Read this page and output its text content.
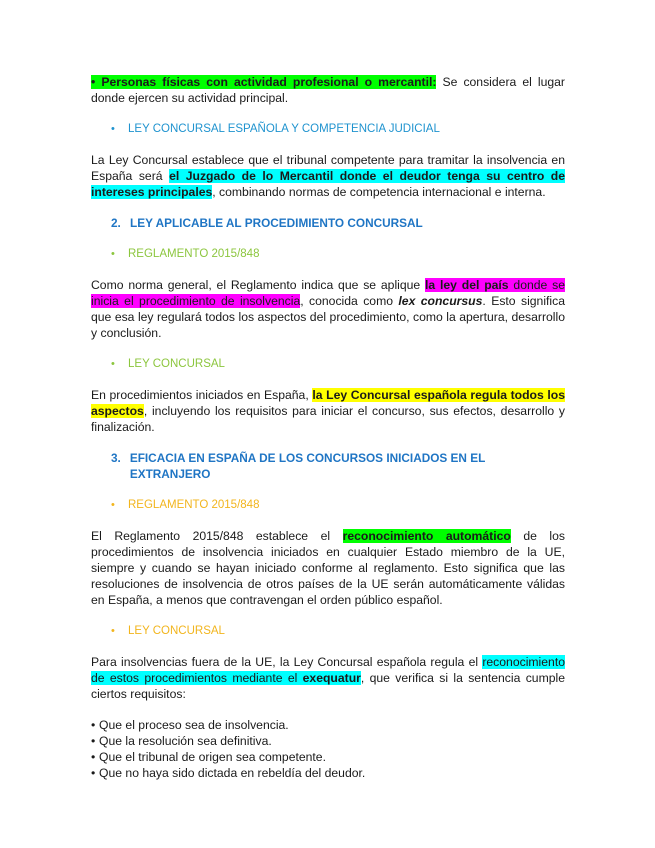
• Personas físicas con actividad profesional o mercantil: Se considera el lugar donde ejercen su actividad principal.

•	LEY CONCURSAL ESPAÑOLA Y COMPETENCIA JUDICIAL

La Ley Concursal establece que el tribunal competente para tramitar la insolvencia en España será el Juzgado de lo Mercantil donde el deudor tenga su centro de intereses principales, combinando normas de competencia internacional e interna.

2. LEY APLICABLE AL PROCEDIMIENTO CONCURSAL
•	REGLAMENTO 2015/848

Como norma general, el Reglamento indica que se aplique la ley del país donde se inicia el procedimiento de insolvencia, conocida como lex concursus. Esto significa que esa ley regulará todos los aspectos del procedimiento, como la apertura, desarrollo y conclusión.

•	LEY CONCURSAL

En procedimientos iniciados en España, la Ley Concursal española regula todos los aspectos, incluyendo los requisitos para iniciar el concurso, sus efectos, desarrollo y finalización.

3. EFICACIA EN ESPAÑA DE LOS CONCURSOS INICIADOS EN EL EXTRANJERO
•	REGLAMENTO 2015/848

El Reglamento 2015/848 establece el reconocimiento automático de los procedimientos de insolvencia iniciados en cualquier Estado miembro de la UE, siempre y cuando se hayan iniciado conforme al reglamento. Esto significa que las resoluciones de insolvencia de otros países de la UE serán automáticamente válidas en España, a menos que contravengan el orden público español.

•	LEY CONCURSAL

Para insolvencias fuera de la UE, la Ley Concursal española regula el reconocimiento de estos procedimientos mediante el exequatur, que verifica si la sentencia cumple ciertos requisitos:

• Que el proceso sea de insolvencia.
• Que la resolución sea definitiva.
• Que el tribunal de origen sea competente.
• Que no haya sido dictada en rebeldía del deudor.
